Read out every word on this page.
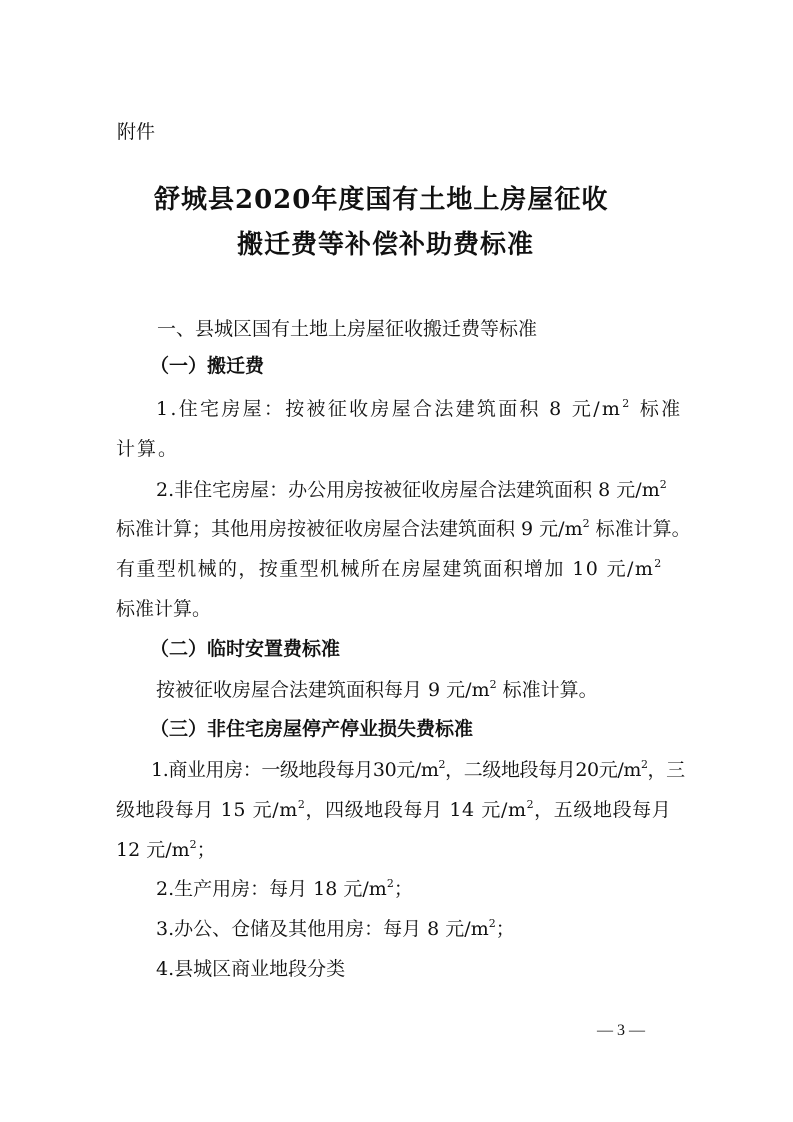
附件
舒城县2020年度国有土地上房屋征收
搬迁费等补偿补助费标准
一、县城区国有土地上房屋征收搬迁费等标准
（一）搬迁费
1.住宅房屋：按被征收房屋合法建筑面积 8 元$/m^2$ 标准
计算。
2.非住宅房屋：办公用房按被征收房屋合法建筑面积 8 元$/m^2$
标准计算；其他用房按被征收房屋合法建筑面积 9 元$/m^2$ 标准计算。
有重型机械的，按重型机械所在房屋建筑面积增加 10 元$/m^2$
标准计算。
（二）临时安置费标准
按被征收房屋合法建筑面积每月 9 元$/m^2$ 标准计算。
（三）非住宅房屋停产停业损失费标准
1.商业用房：一级地段每月30元$/m^2$，二级地段每月20元$/m^2$，三
级地段每月 15 元$/m^2$，四级地段每月 14 元$/m^2$，五级地段每月
12 元$/m^2$；
2.生产用房：每月 18 元$/m^2$；
3.办公、仓储及其他用房：每月 8 元$/m^2$；
4.县城区商业地段分类
— 3 —
